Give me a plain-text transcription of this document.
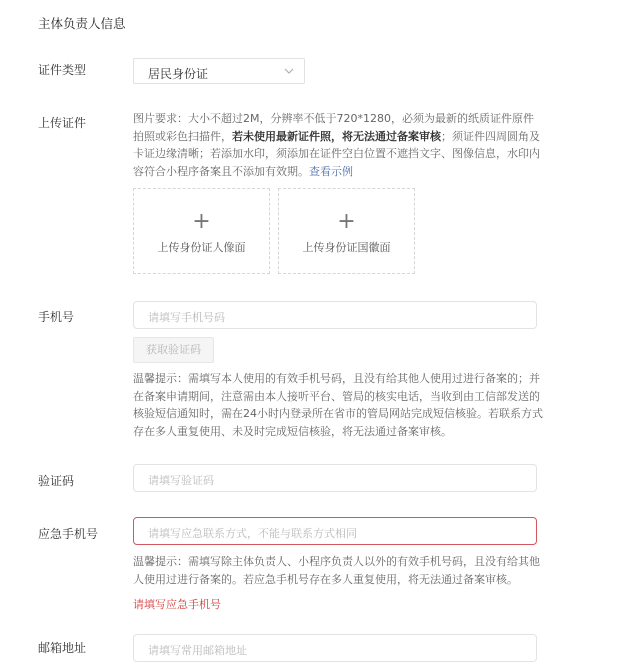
主体负责人信息
证件类型	居民身份证
上传证件	图片要求：大小不超过2M，分辨率不低于720*1280，必须为最新的纸质证件原件拍照或彩色扫描件，若未使用最新证件照，将无法通过备案审核；须证件四周圆角及卡证边缘清晰；若添加水印，须添加在证件空白位置不遮挡文字、图像信息，水印内容符合小程序备案且不添加有效期。查看示例
+
上传身份证人像面
+
上传身份证国徽面
手机号	请填写手机号码
获取验证码
温馨提示：需填写本人使用的有效手机号码，且没有给其他人使用过进行备案的；并在备案申请期间，注意需由本人接听平台、管局的核实电话，当收到由工信部发送的核验短信通知时，需在24小时内登录所在省市的管局网站完成短信核验。若联系方式存在多人重复使用、未及时完成短信核验，将无法通过备案审核。
验证码	请填写验证码
应急手机号	请填写应急联系方式，不能与联系方式相同
温馨提示：需填写除主体负责人、小程序负责人以外的有效手机号码，且没有给其他人使用过进行备案的。若应急手机号存在多人重复使用，将无法通过备案审核。
请填写应急手机号
邮箱地址	请填写常用邮箱地址
